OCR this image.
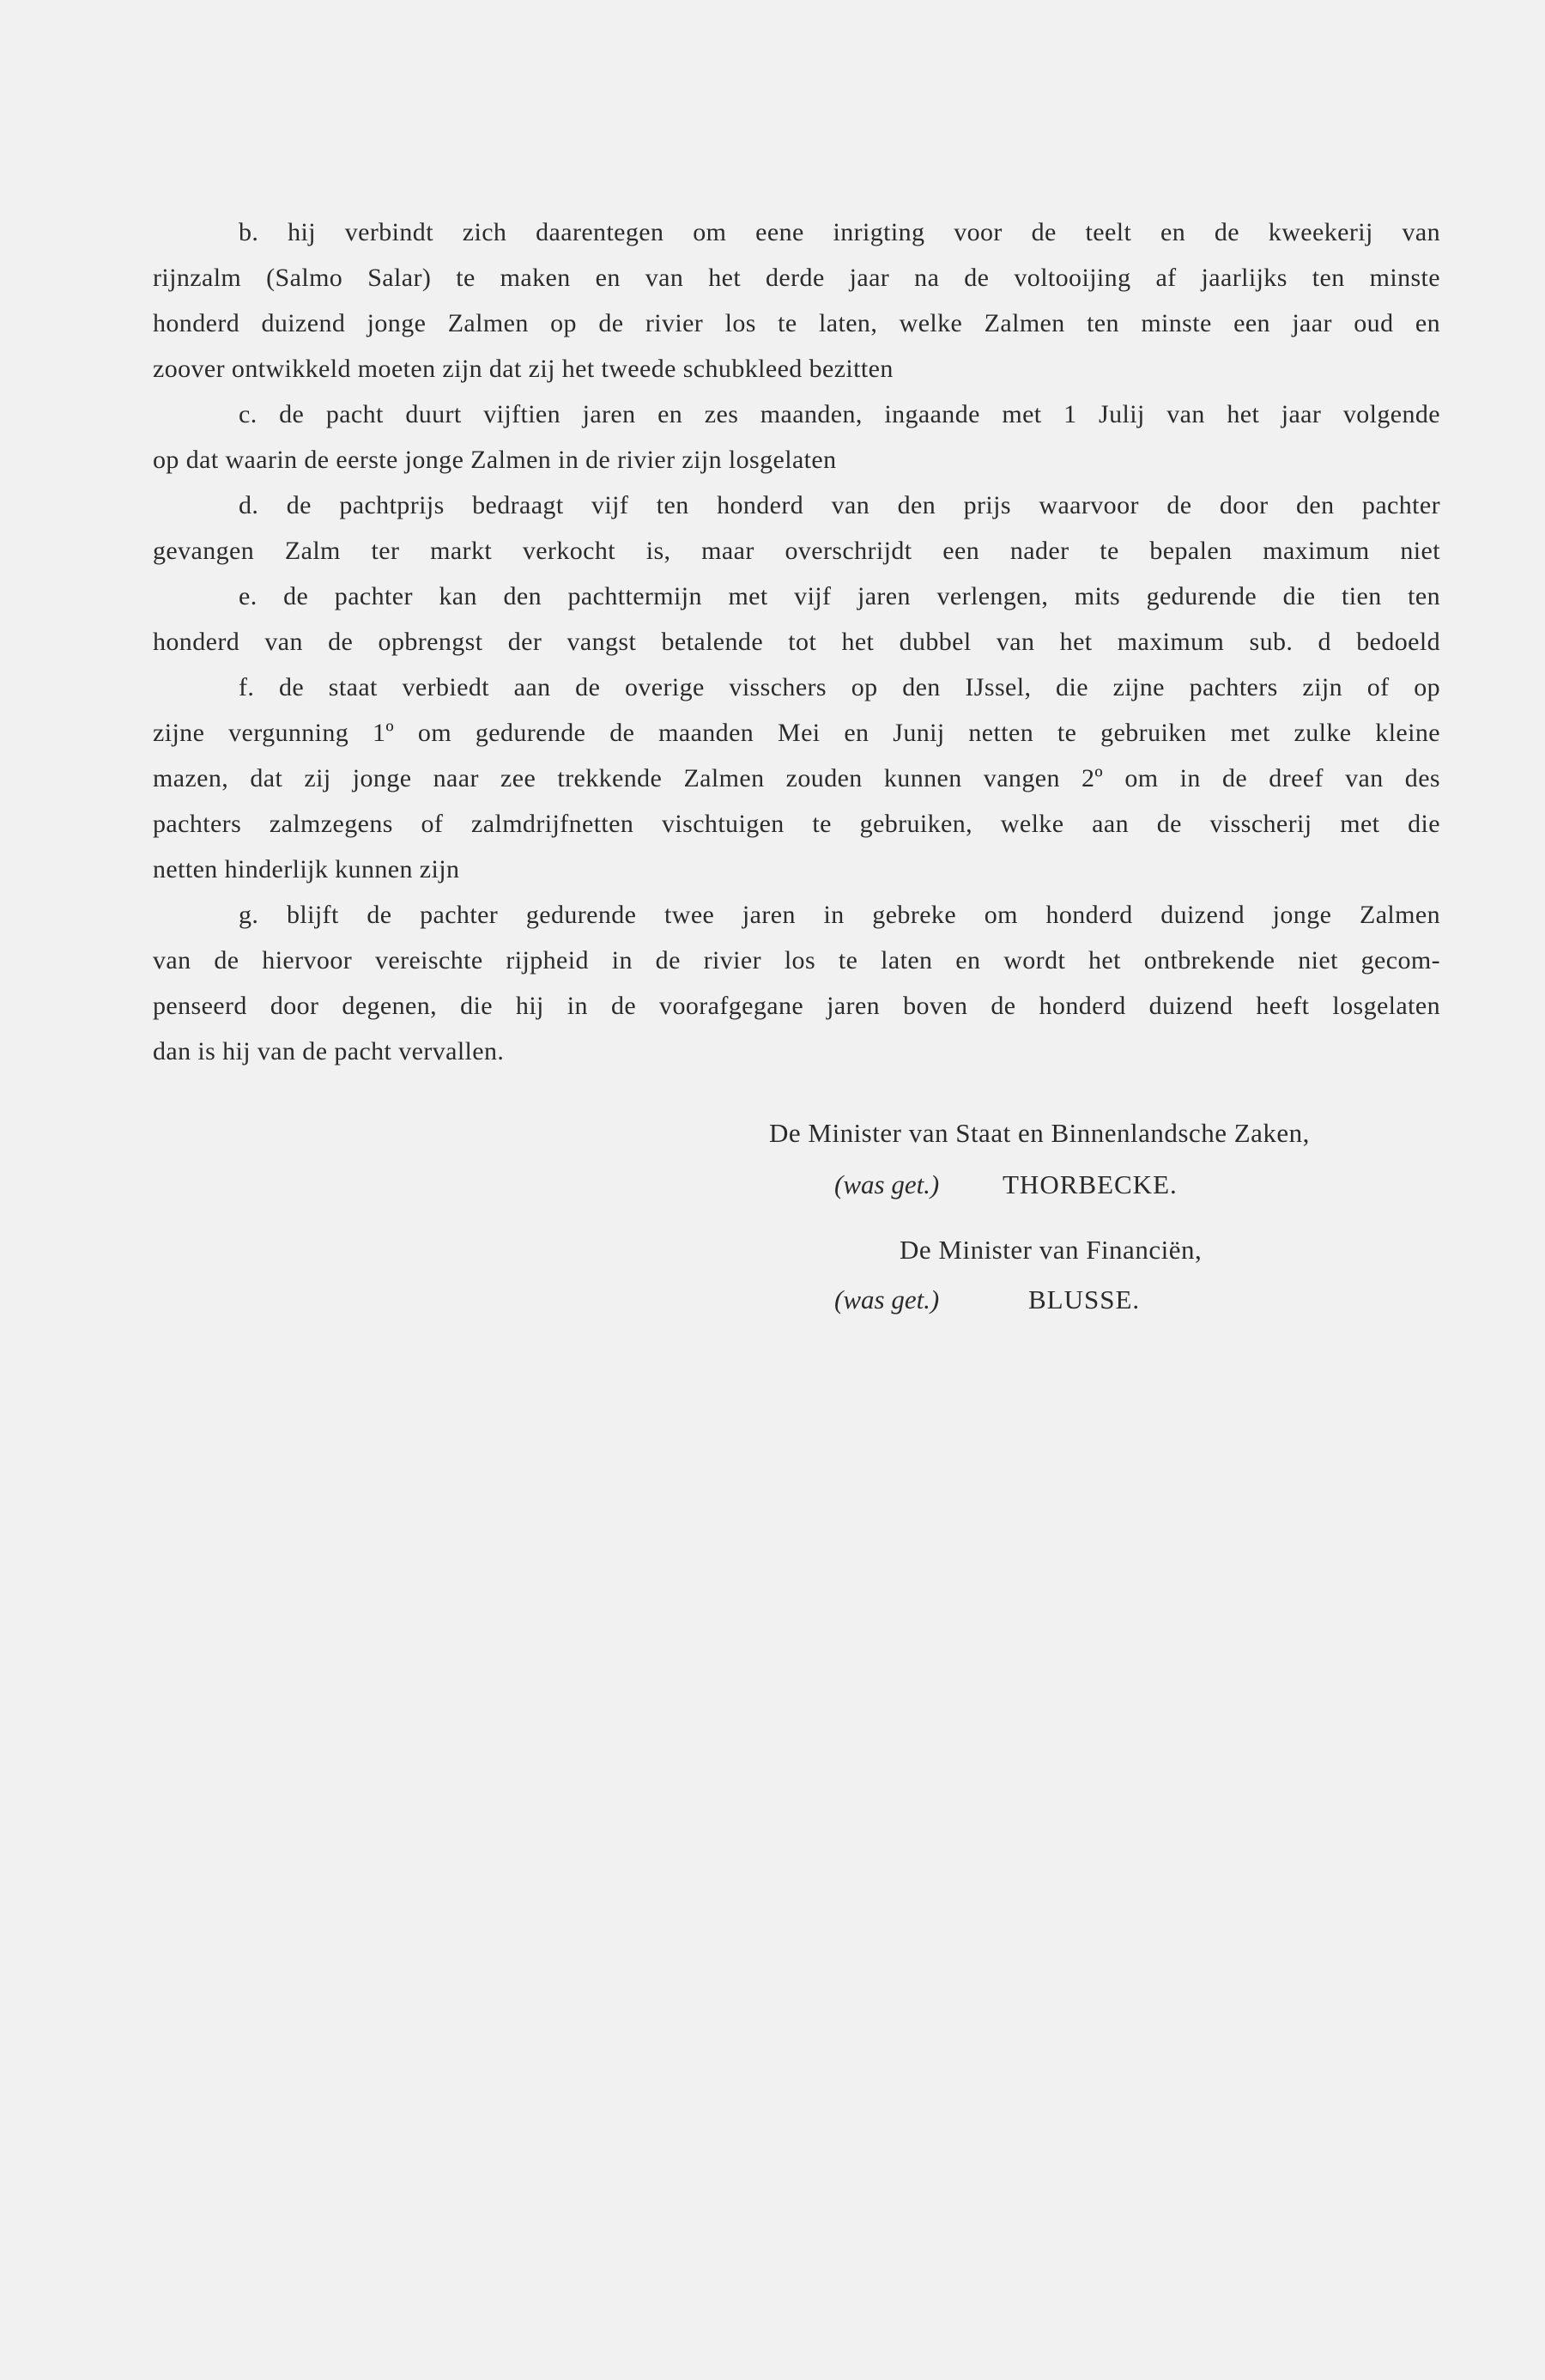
b. hij verbindt zich daarentegen om eene inrigting voor de teelt en de kweekerij van
rijnzalm (Salmo Salar) te maken en van het derde jaar na de voltooijing af jaarlijks ten minste
honderd duizend jonge Zalmen op de rivier los te laten, welke Zalmen ten minste een jaar oud en
zoover ontwikkeld moeten zijn dat zij het tweede schubkleed bezitten
c. de pacht duurt vijftien jaren en zes maanden, ingaande met 1 Julij van het jaar volgende
op dat waarin de eerste jonge Zalmen in de rivier zijn losgelaten
d. de pachtprijs bedraagt vijf ten honderd van den prijs waarvoor de door den pachter
gevangen Zalm ter markt verkocht is, maar overschrijdt een nader te bepalen maximum niet
e. de pachter kan den pachttermijn met vijf jaren verlengen, mits gedurende die tien ten
honderd van de opbrengst der vangst betalende tot het dubbel van het maximum sub. d bedoeld
f. de staat verbiedt aan de overige visschers op den IJssel, die zijne pachters zijn of op
zijne vergunning 1º om gedurende de maanden Mei en Junij netten te gebruiken met zulke kleine
mazen, dat zij jonge naar zee trekkende Zalmen zouden kunnen vangen 2º om in de dreef van des
pachters zalmzegens of zalmdrijfnetten vischtuigen te gebruiken, welke aan de visscherij met die
netten hinderlijk kunnen zijn
g. blijft de pachter gedurende twee jaren in gebreke om honderd duizend jonge Zalmen
van de hiervoor vereischte rijpheid in de rivier los te laten en wordt het ontbrekende niet gecom-
penseerd door degenen, die hij in de voorafgegane jaren boven de honderd duizend heeft losgelaten
dan is hij van de pacht vervallen.
De Minister van Staat en Binnenlandsche Zaken,
(was get.) THORBECKE.
De Minister van Financiën,
(was get.)	BLUSSE.
